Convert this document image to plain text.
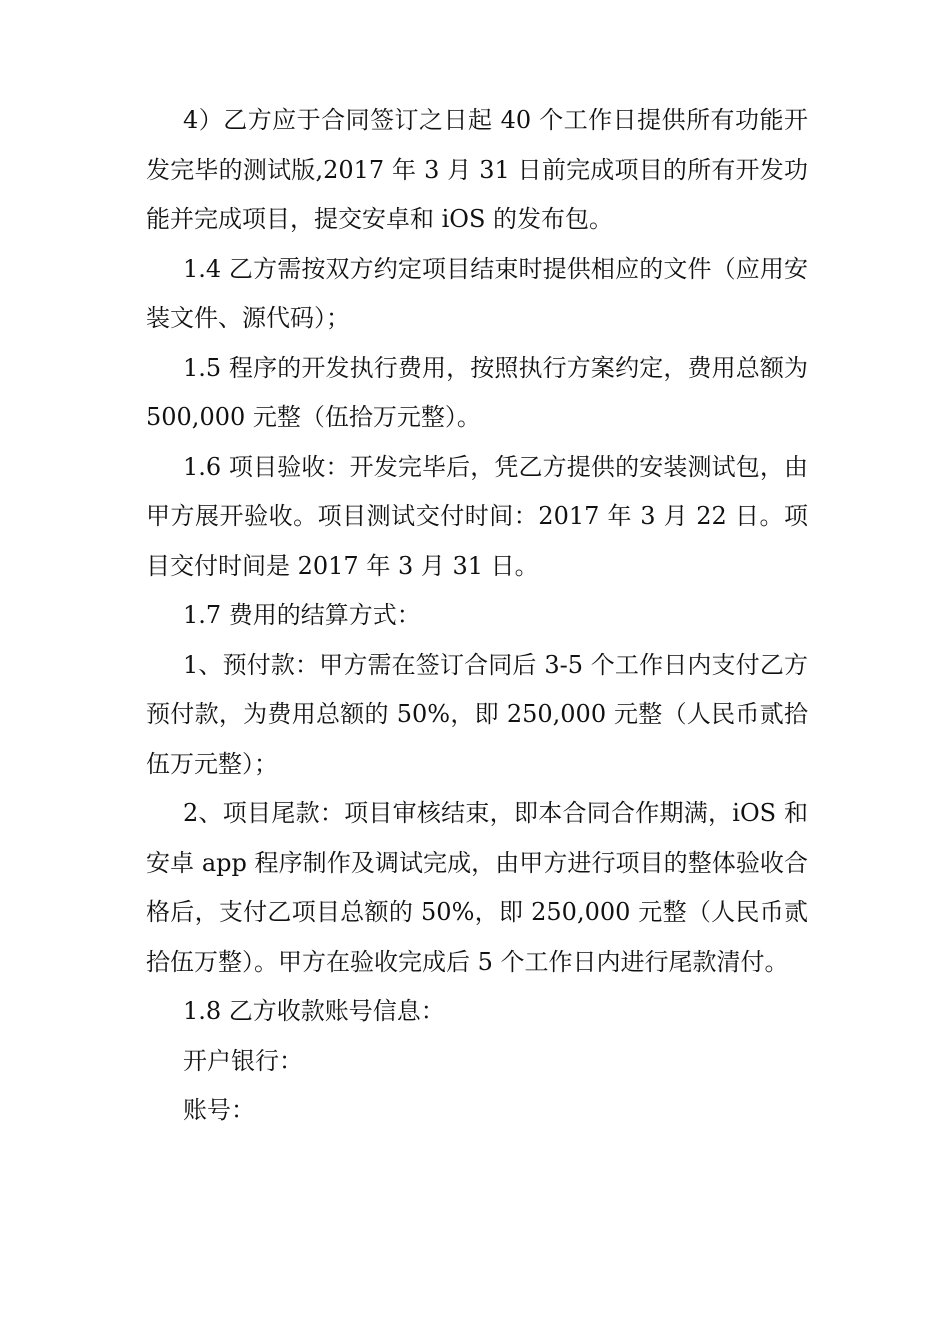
4）乙方应于合同签订之日起 40 个工作日提供所有功能开发完毕的测试版,2017 年 3 月 31 日前完成项目的所有开发功能并完成项目，提交安卓和 iOS 的发布包。

1.4 乙方需按双方约定项目结束时提供相应的文件（应用安装文件、源代码）；

1.5 程序的开发执行费用，按照执行方案约定，费用总额为 500,000 元整（伍拾万元整）。

1.6 项目验收：开发完毕后，凭乙方提供的安装测试包，由甲方展开验收。项目测试交付时间：2017 年 3 月 22 日。项目交付时间是 2017 年 3 月 31 日。

1.7 费用的结算方式：

1、预付款：甲方需在签订合同后 3-5 个工作日内支付乙方预付款，为费用总额的 50%，即 250,000 元整（人民币贰拾伍万元整）；

2、项目尾款：项目审核结束，即本合同合作期满，iOS 和安卓 app 程序制作及调试完成，由甲方进行项目的整体验收合格后，支付乙项目总额的 50%，即 250,000 元整（人民币贰拾伍万整）。甲方在验收完成后 5 个工作日内进行尾款清付。

1.8 乙方收款账号信息：

开户银行：

账号：
